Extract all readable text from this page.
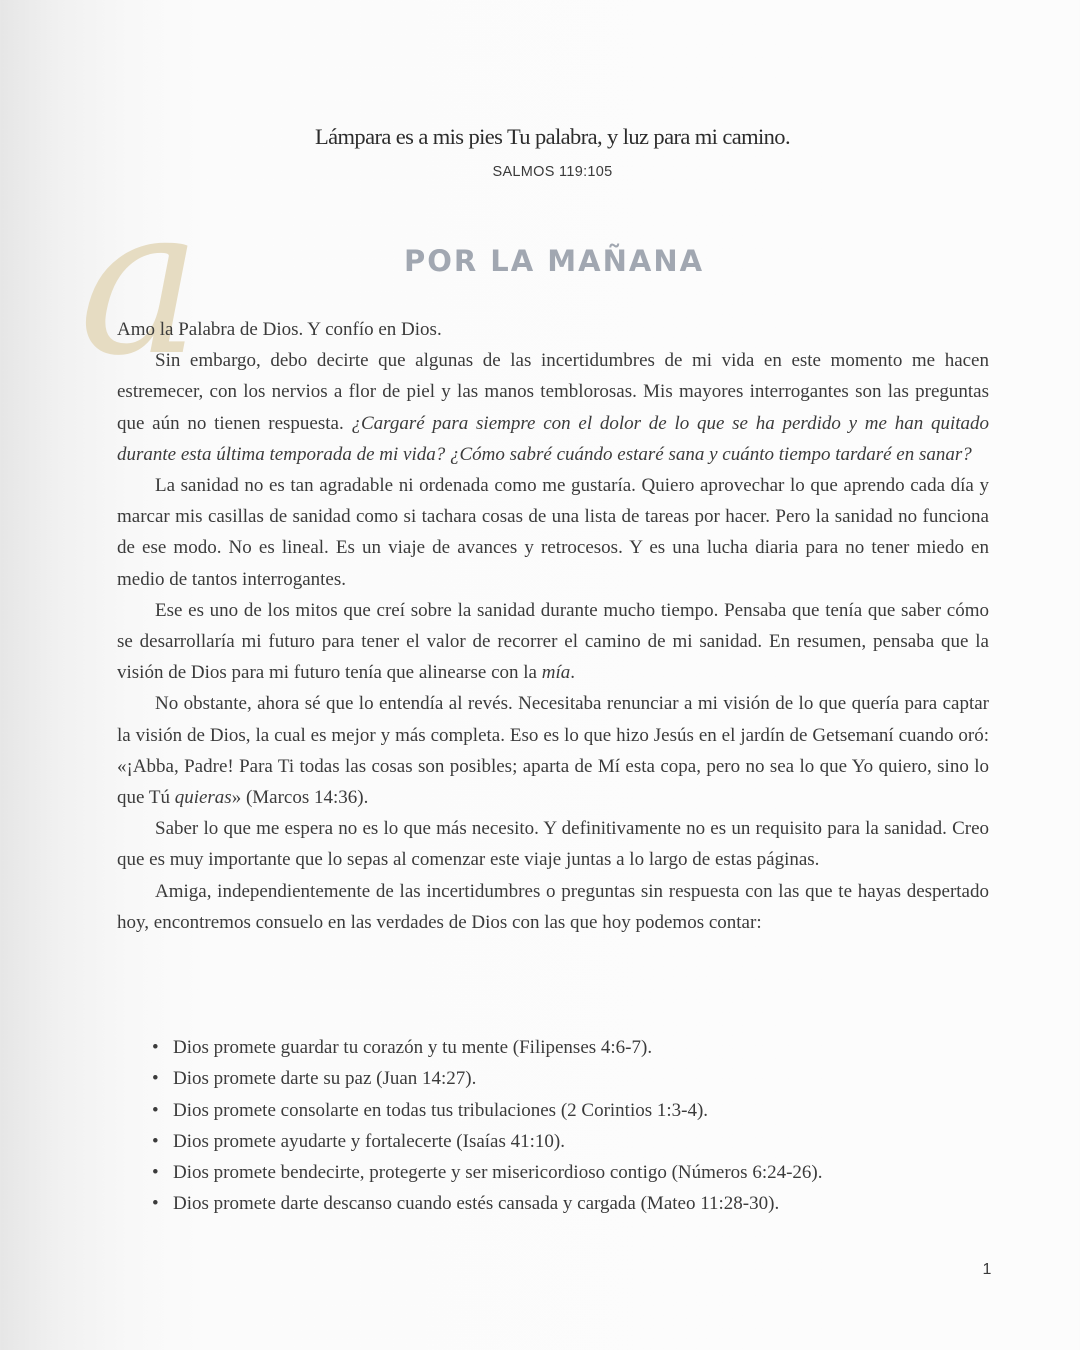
Lámpara es a mis pies Tu palabra, y luz para mi camino.
SALMOS 119:105
a	POR LA MAÑANA

Amo la Palabra de Dios. Y confío en Dios.

Sin embargo, debo decirte que algunas de las incertidumbres de mi vida en este momento me hacen estremecer, con los nervios a flor de piel y las manos temblorosas. Mis mayores interrogantes son las preguntas que aún no tienen respuesta. ¿Cargaré para siempre con el dolor de lo que se ha perdido y me han quitado durante esta última temporada de mi vida? ¿Cómo sabré cuándo estaré sana y cuánto tiempo tardaré en sanar?

La sanidad no es tan agradable ni ordenada como me gustaría. Quiero aprovechar lo que aprendo cada día y marcar mis casillas de sanidad como si tachara cosas de una lista de tareas por hacer. Pero la sanidad no funciona de ese modo. No es lineal. Es un viaje de avances y retrocesos. Y es una lucha diaria para no tener miedo en medio de tantos interrogantes.

Ese es uno de los mitos que creí sobre la sanidad durante mucho tiempo. Pensaba que tenía que saber cómo se desarrollaría mi futuro para tener el valor de recorrer el camino de mi sanidad. En resumen, pensaba que la visión de Dios para mi futuro tenía que alinearse con la mía.

No obstante, ahora sé que lo entendía al revés. Necesitaba renunciar a mi visión de lo que quería para captar la visión de Dios, la cual es mejor y más completa. Eso es lo que hizo Jesús en el jardín de Getsemaní cuando oró: «¡Abba, Padre! Para Ti todas las cosas son posibles; aparta de Mí esta copa, pero no sea lo que Yo quiero, sino lo que Tú quieras» (Marcos 14:36).

Saber lo que me espera no es lo que más necesito. Y definitivamente no es un requisito para la sanidad. Creo que es muy importante que lo sepas al comenzar este viaje juntas a lo largo de estas páginas.

Amiga, independientemente de las incertidumbres o preguntas sin respuesta con las que te hayas despertado hoy, encontremos consuelo en las verdades de Dios con las que hoy podemos contar:

• Dios promete guardar tu corazón y tu mente (Filipenses 4:6-7).
• Dios promete darte su paz (Juan 14:27).
• Dios promete consolarte en todas tus tribulaciones (2 Corintios 1:3-4).
• Dios promete ayudarte y fortalecerte (Isaías 41:10).
• Dios promete bendecirte, protegerte y ser misericordioso contigo (Números 6:24-26).
• Dios promete darte descanso cuando estés cansada y cargada (Mateo 11:28-30).
1
